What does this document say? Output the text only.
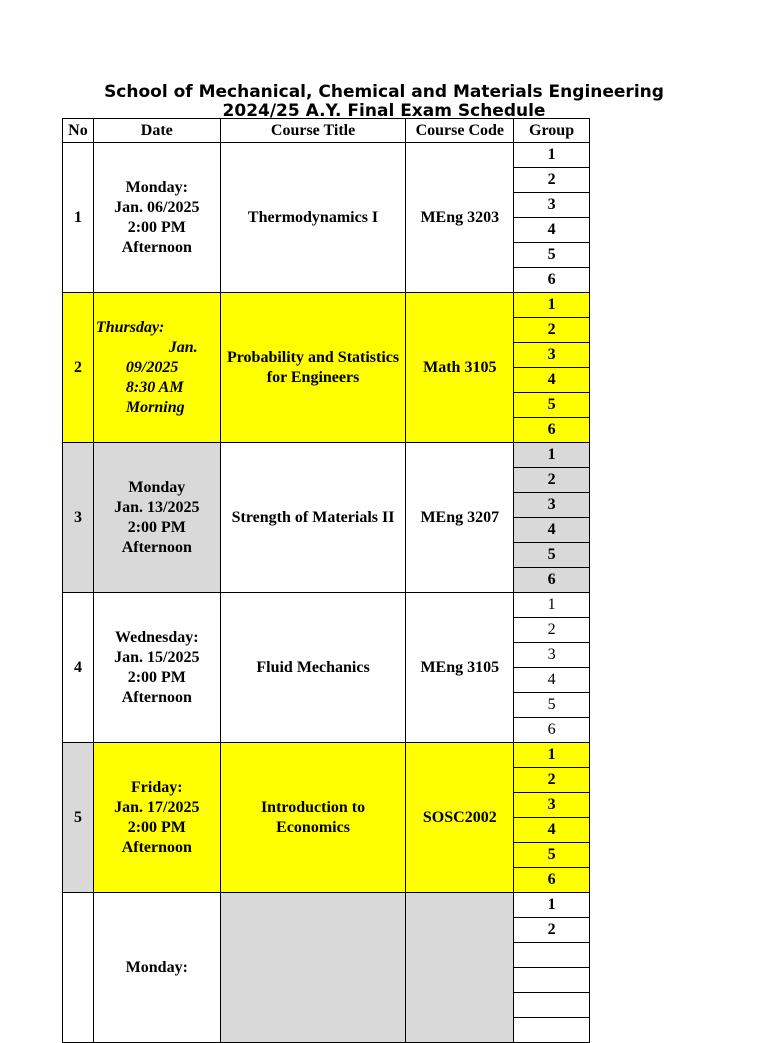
School of Mechanical, Chemical and Materials Engineering
2024/25 A.Y. Final Exam Schedule
No	Date	Course Title	Course Code	Group
1	Monday:
Jan. 06/2025
2:00 PM
Afternoon	Thermodynamics I	MEng 3203	1
				2
				3
				4
				5
				6
2	Thursday:
Jan.
09/2025
8:30 AM
Morning	Probability and Statistics for Engineers	Math 3105	1
				2
				3
				4
				5
				6
3	Monday
Jan. 13/2025
2:00 PM
Afternoon	Strength of Materials II	MEng 3207	1
				2
				3
				4
				5
				6
4	Wednesday:
Jan. 15/2025
2:00 PM
Afternoon	Fluid Mechanics	MEng 3105	1
				2
				3
				4
				5
				6
5	Friday:
Jan. 17/2025
2:00 PM
Afternoon	Introduction to Economics	SOSC2002	1
				2
				3
				4
				5
				6

	Monday:			1
				2
